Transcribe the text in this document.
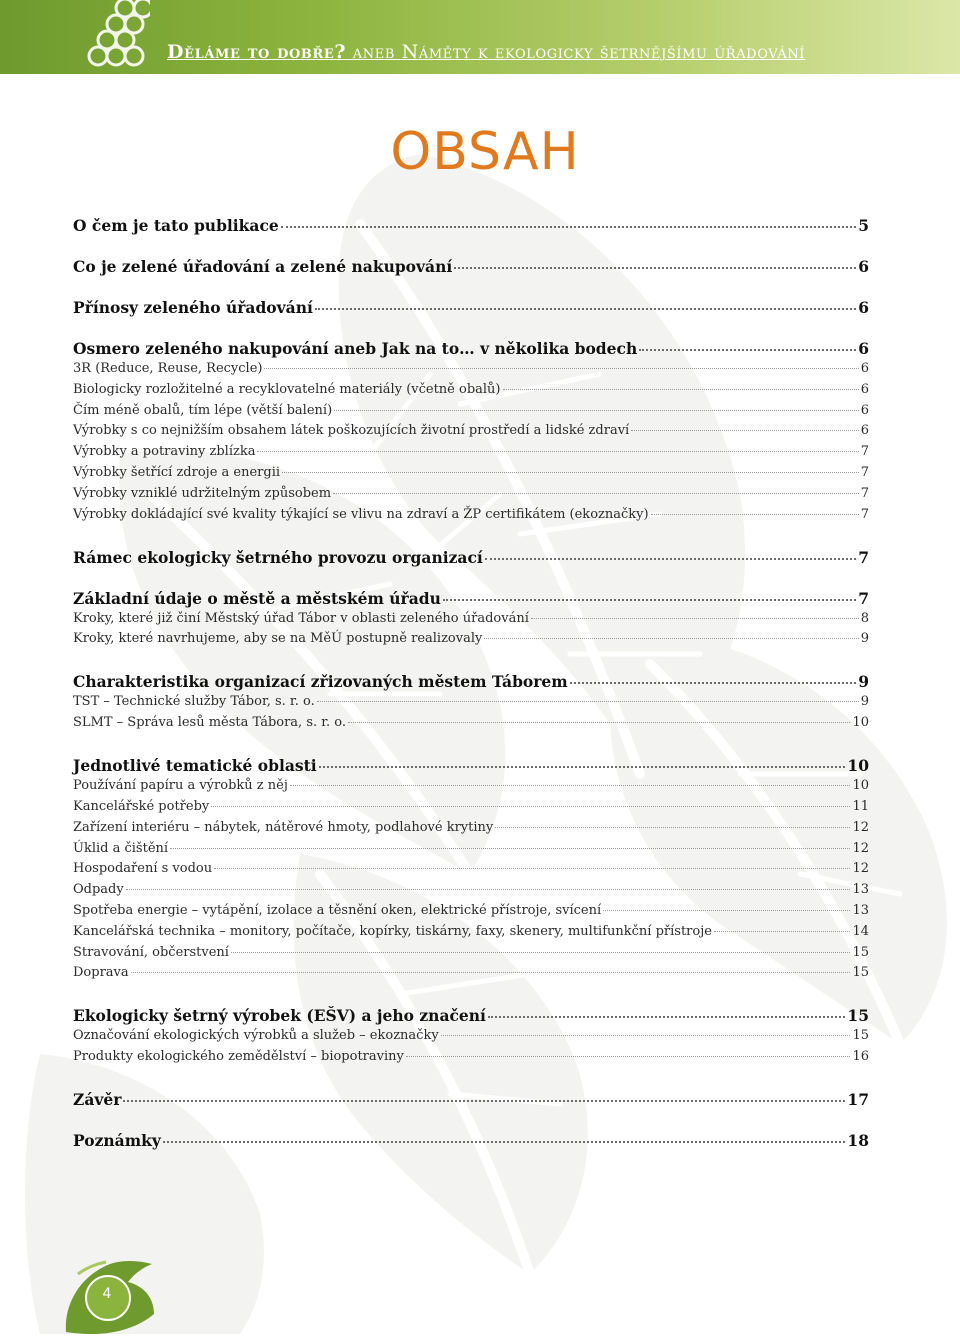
Děláme to dobře? aneb Náměty k ekologicky šetrnějšímu úřadování
OBSAH
O čem je tato publikace	5
Co je zelené úřadování a zelené nakupování	6
Přínosy zeleného úřadování	6
Osmero zeleného nakupování aneb Jak na to… v několika bodech	6
3R (Reduce, Reuse, Recycle)	6
Biologicky rozložitelné a recyklovatelné materiály (včetně obalů)	6
Čím méně obalů, tím lépe (větší balení)	6
Výrobky s co nejnižším obsahem látek poškozujících životní prostředí a lidské zdraví	6
Výrobky a potraviny zblízka	7
Výrobky šetřící zdroje a energii	7
Výrobky vzniklé udržitelným způsobem	7
Výrobky dokládající své kvality týkající se vlivu na zdraví a ŽP certifikátem (ekoznačky)	7
Rámec ekologicky šetrného provozu organizací	7
Základní údaje o městě a městském úřadu	7
Kroky, které již činí Městský úřad Tábor v oblasti zeleného úřadování	8
Kroky, které navrhujeme, aby se na MěÚ postupně realizovaly	9
Charakteristika organizací zřizovaných městem Táborem	9
TST – Technické služby Tábor, s. r. o.	9
SLMT – Správa lesů města Tábora, s. r. o.	10
Jednotlivé tematické oblasti	10
Používání papíru a výrobků z něj	10
Kancelářské potřeby	11
Zařízení interiéru – nábytek, nátěrové hmoty, podlahové krytiny	12
Úklid a čištění	12
Hospodaření s vodou	12
Odpady	13
Spotřeba energie – vytápění, izolace a těsnění oken, elektrické přístroje, svícení	13
Kancelářská technika – monitory, počítače, kopírky, tiskárny, faxy, skenery, multifunkční přístroje	14
Stravování, občerstvení	15
Doprava	15
Ekologicky šetrný výrobek (EŠV) a jeho značení	15
Označování ekologických výrobků a služeb – ekoznačky	15
Produkty ekologického zemědělství – biopotraviny	16
Závěr	17
Poznámky	18
4
